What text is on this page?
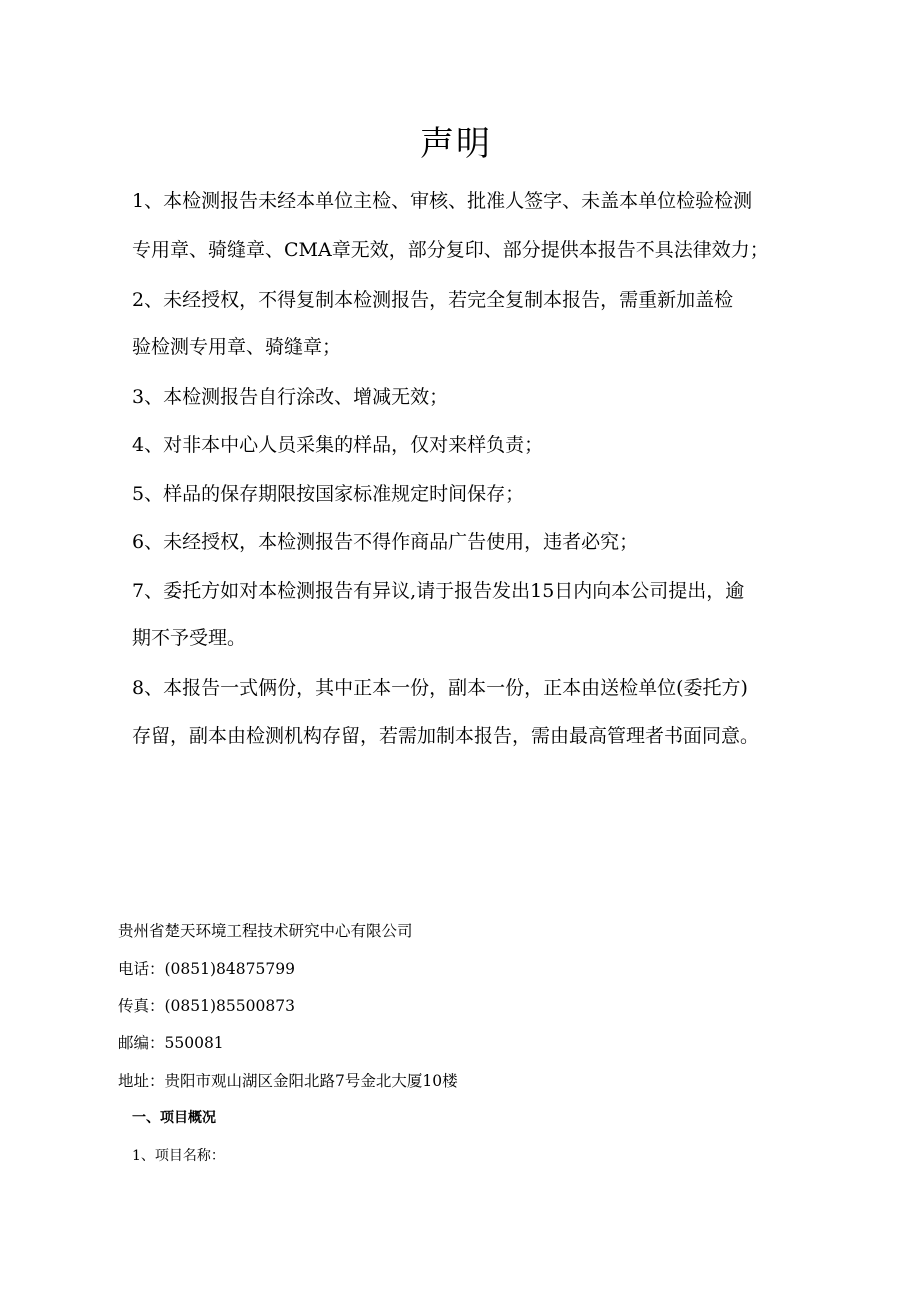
声明
1、本检测报告未经本单位主检、审核、批准人签字、未盖本单位检验检测
专用章、骑缝章、CMA章无效，部分复印、部分提供本报告不具法律效力；
2、未经授权，不得复制本检测报告，若完全复制本报告，需重新加盖检
验检测专用章、骑缝章；
3、本检测报告自行涂改、增减无效；
4、对非本中心人员采集的样品，仅对来样负责；
5、样品的保存期限按国家标准规定时间保存；
6、未经授权，本检测报告不得作商品广告使用，违者必究；
7、委托方如对本检测报告有异议,请于报告发出15日内向本公司提出，逾
期不予受理。
8、本报告一式俩份，其中正本一份，副本一份，正本由送检单位(委托方)
存留，副本由检测机构存留，若需加制本报告，需由最高管理者书面同意。
贵州省楚天环境工程技术研究中心有限公司
电话：(0851)84875799
传真：(0851)85500873
邮编：550081
地址：贵阳市观山湖区金阳北路7号金北大厦10楼
一、项目概况
1、项目名称：
